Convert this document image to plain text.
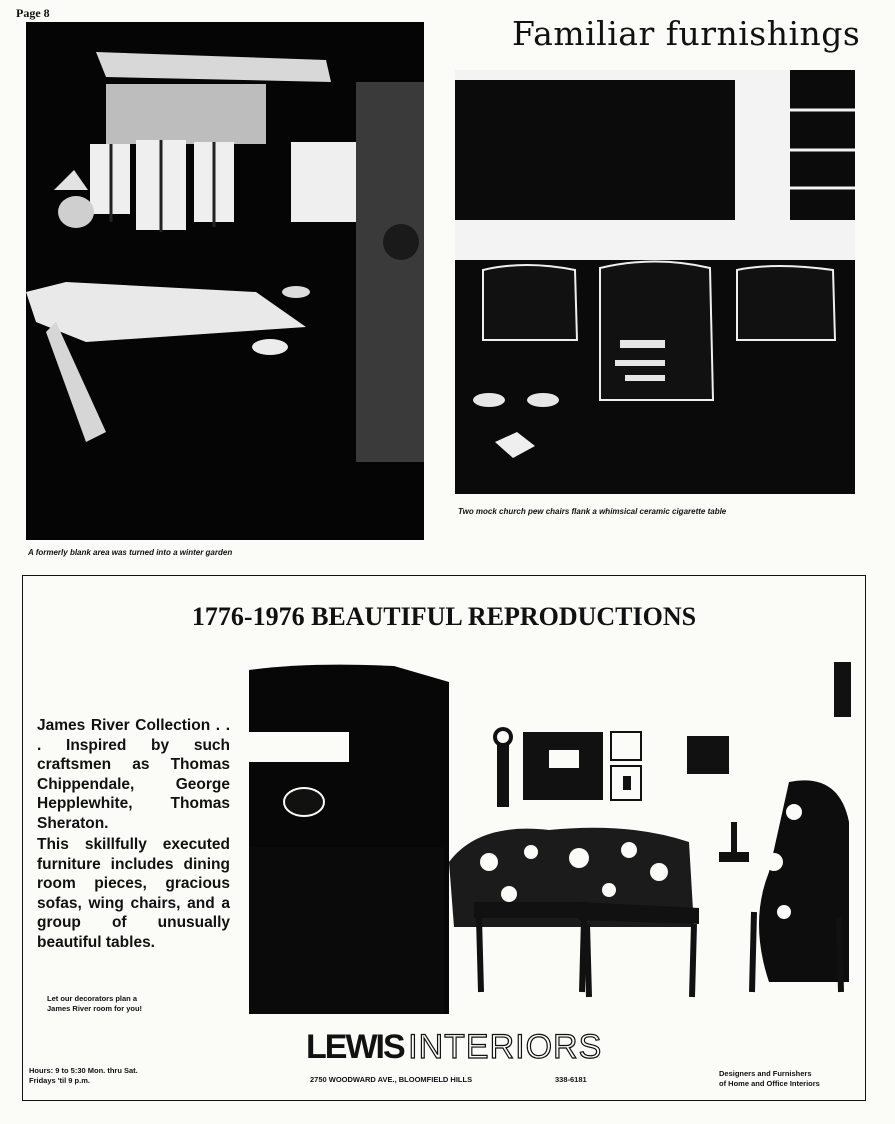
Page 8
Familiar furnishings
A formerly blank area was turned into a winter garden
Two mock church pew chairs flank a whimsical ceramic cigarette table
1776-1976 BEAUTIFUL REPRODUCTIONS

James River Collection . . . Inspired by such craftsmen as Thomas Chippendale, George Hepplewhite, Thomas Sheraton.

This skillfully executed furniture includes dining room pieces, gracious sofas, wing chairs, and a group of unusually beautiful tables.

Let our decorators plan a James River room for you!
Hours: 9 to 5:30 Mon. thru Sat.
Fridays 'til 9 p.m.
LEWIS INTERIORS
2750 WOODWARD AVE., BLOOMFIELD HILLS	338-6181
Designers and Furnishers
of Home and Office Interiors
